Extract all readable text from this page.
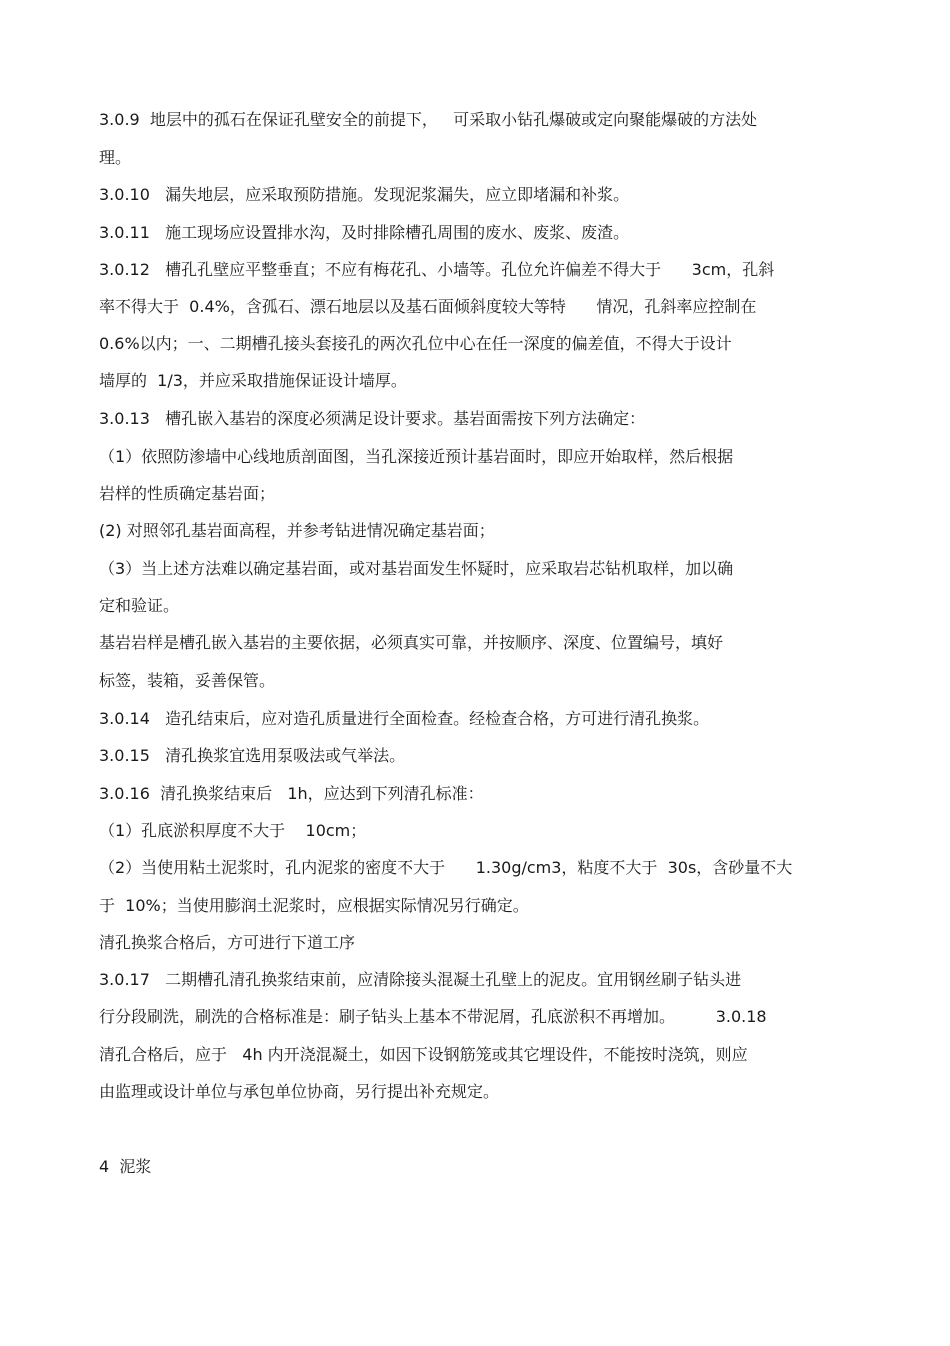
3.0.9  地层中的孤石在保证孔壁安全的前提下，   可采取小钻孔爆破或定向聚能爆破的方法处
理。
3.0.10   漏失地层，应采取预防措施。发现泥浆漏失，应立即堵漏和补浆。
3.0.11   施工现场应设置排水沟，及时排除槽孔周围的废水、废浆、废渣。
3.0.12   槽孔孔壁应平整垂直；不应有梅花孔、小墙等。孔位允许偏差不得大于      3cm，孔斜
率不得大于  0.4%，含孤石、漂石地层以及基石面倾斜度较大等特      情况，孔斜率应控制在
0.6%以内；一、二期槽孔接头套接孔的两次孔位中心在任一深度的偏差值，不得大于设计
墙厚的  1/3，并应采取措施保证设计墙厚。
3.0.13   槽孔嵌入基岩的深度必须满足设计要求。基岩面需按下列方法确定：
（1）依照防渗墙中心线地质剖面图，当孔深接近预计基岩面时，即应开始取样，然后根据
岩样的性质确定基岩面；
(2) 对照邻孔基岩面高程，并参考钻进情况确定基岩面；
（3）当上述方法难以确定基岩面，或对基岩面发生怀疑时，应采取岩芯钻机取样，加以确
定和验证。
基岩岩样是槽孔嵌入基岩的主要依据，必须真实可靠，并按顺序、深度、位置编号，填好
标签，装箱，妥善保管。
3.0.14   造孔结束后，应对造孔质量进行全面检查。经检查合格，方可进行清孔换浆。
3.0.15   清孔换浆宜选用泵吸法或气举法。
3.0.16  清孔换浆结束后   1h，应达到下列清孔标准：
（1）孔底淤积厚度不大于    10cm；
（2）当使用粘土泥浆时，孔内泥浆的密度不大于      1.30g/cm3，粘度不大于  30s，含砂量不大
于  10%；当使用膨润土泥浆时，应根据实际情况另行确定。
清孔换浆合格后，方可进行下道工序
3.0.17   二期槽孔清孔换浆结束前，应清除接头混凝土孔壁上的泥皮。宜用钢丝刷子钻头进
行分段刷洗，刷洗的合格标准是：刷子钻头上基本不带泥屑，孔底淤积不再增加。        3.0.18
清孔合格后，应于   4h 内开浇混凝土，如因下设钢筋笼或其它埋设件，不能按时浇筑，则应
由监理或设计单位与承包单位协商，另行提出补充规定。
4  泥浆
